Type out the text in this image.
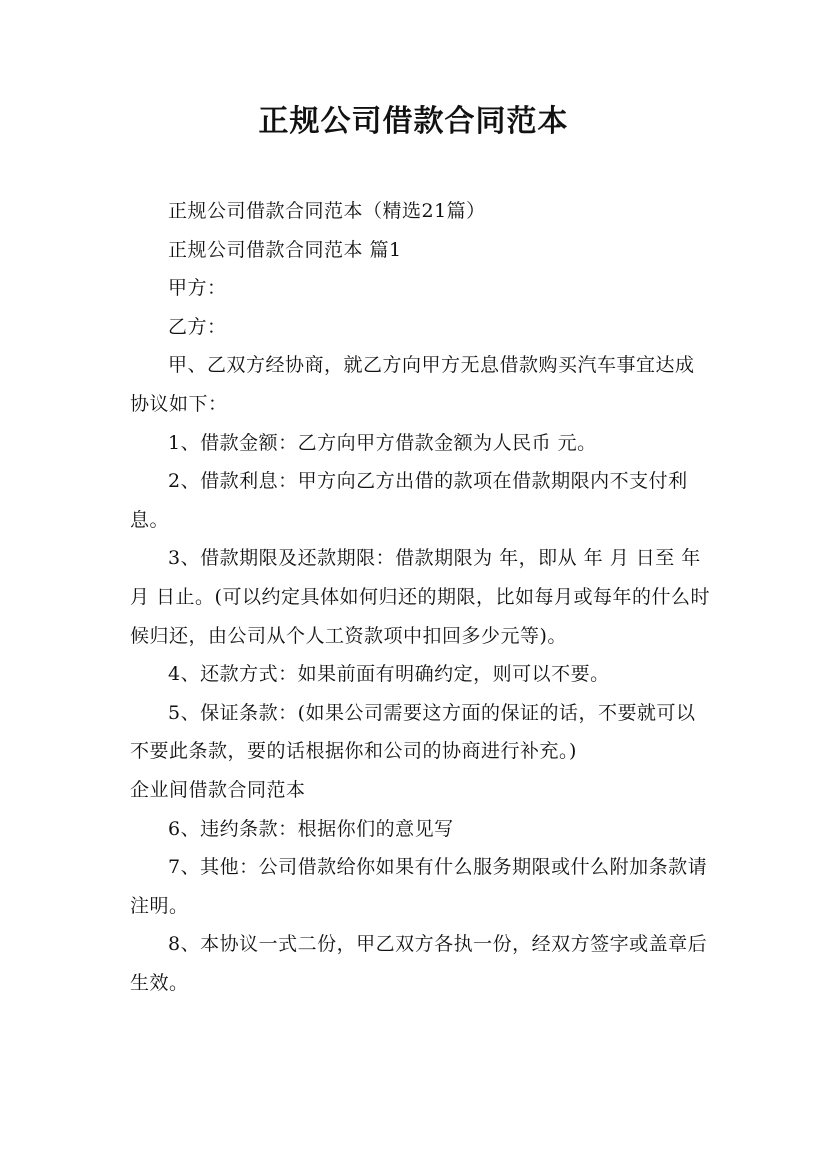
正规公司借款合同范本

正规公司借款合同范本（精选21篇）

正规公司借款合同范本 篇1

甲方：

乙方：

甲、乙双方经协商，就乙方向甲方无息借款购买汽车事宜达成协议如下：

1、借款金额：乙方向甲方借款金额为人民币 元。

2、借款利息：甲方向乙方出借的款项在借款期限内不支付利息。

3、借款期限及还款期限：借款期限为 年，即从 年 月 日至 年 月 日止。(可以约定具体如何归还的期限，比如每月或每年的什么时候归还，由公司从个人工资款项中扣回多少元等)。

4、还款方式：如果前面有明确约定，则可以不要。

5、保证条款：(如果公司需要这方面的保证的话，不要就可以不要此条款，要的话根据你和公司的协商进行补充。)

企业间借款合同范本

6、违约条款：根据你们的意见写

7、其他：公司借款给你如果有什么服务期限或什么附加条款请注明。

8、本协议一式二份，甲乙双方各执一份，经双方签字或盖章后生效。
